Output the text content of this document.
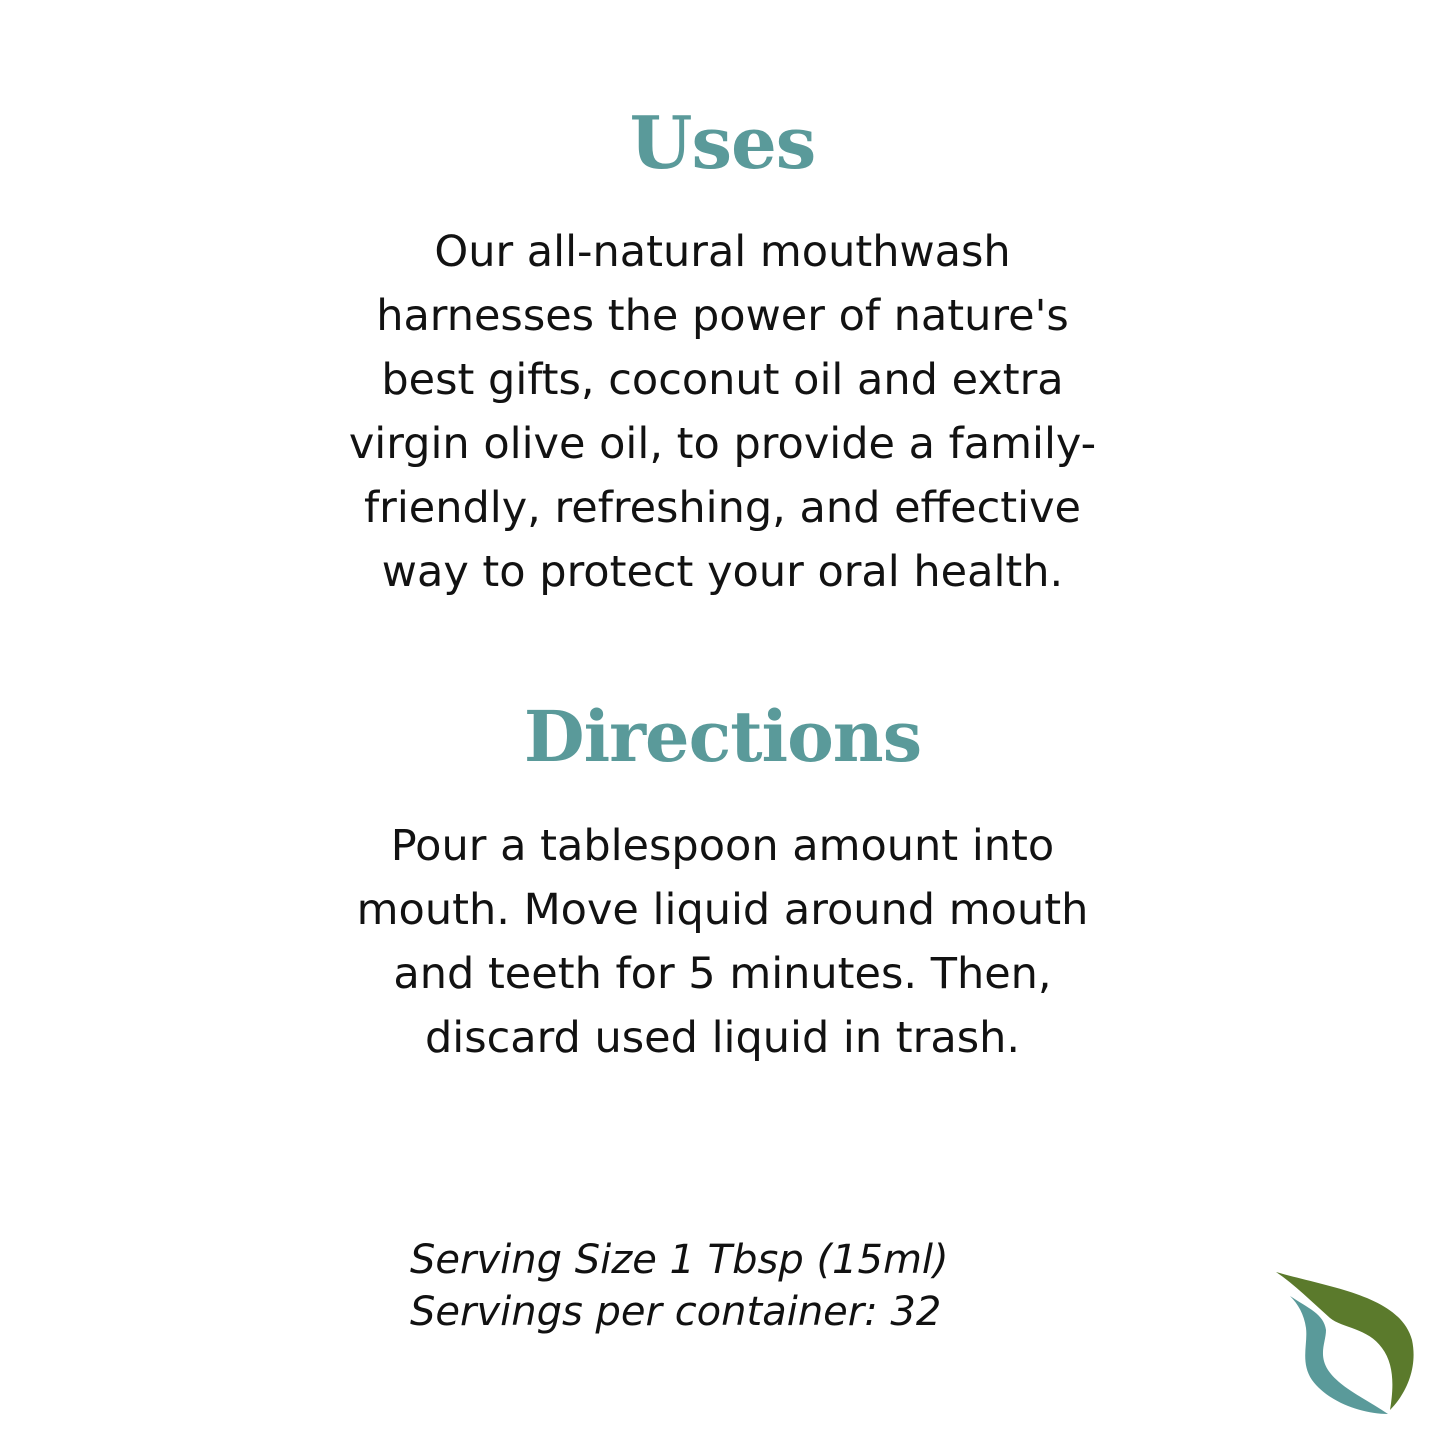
Uses

Our all-natural mouthwash
harnesses the power of nature's
best gifts, coconut oil and extra
virgin olive oil, to provide a family-
friendly, refreshing, and effective
way to protect your oral health.

Directions

Pour a tablespoon amount into
mouth. Move liquid around mouth
and teeth for 5 minutes. Then,
discard used liquid in trash.

Serving Size 1 Tbsp (15ml)
Servings per container: 32
